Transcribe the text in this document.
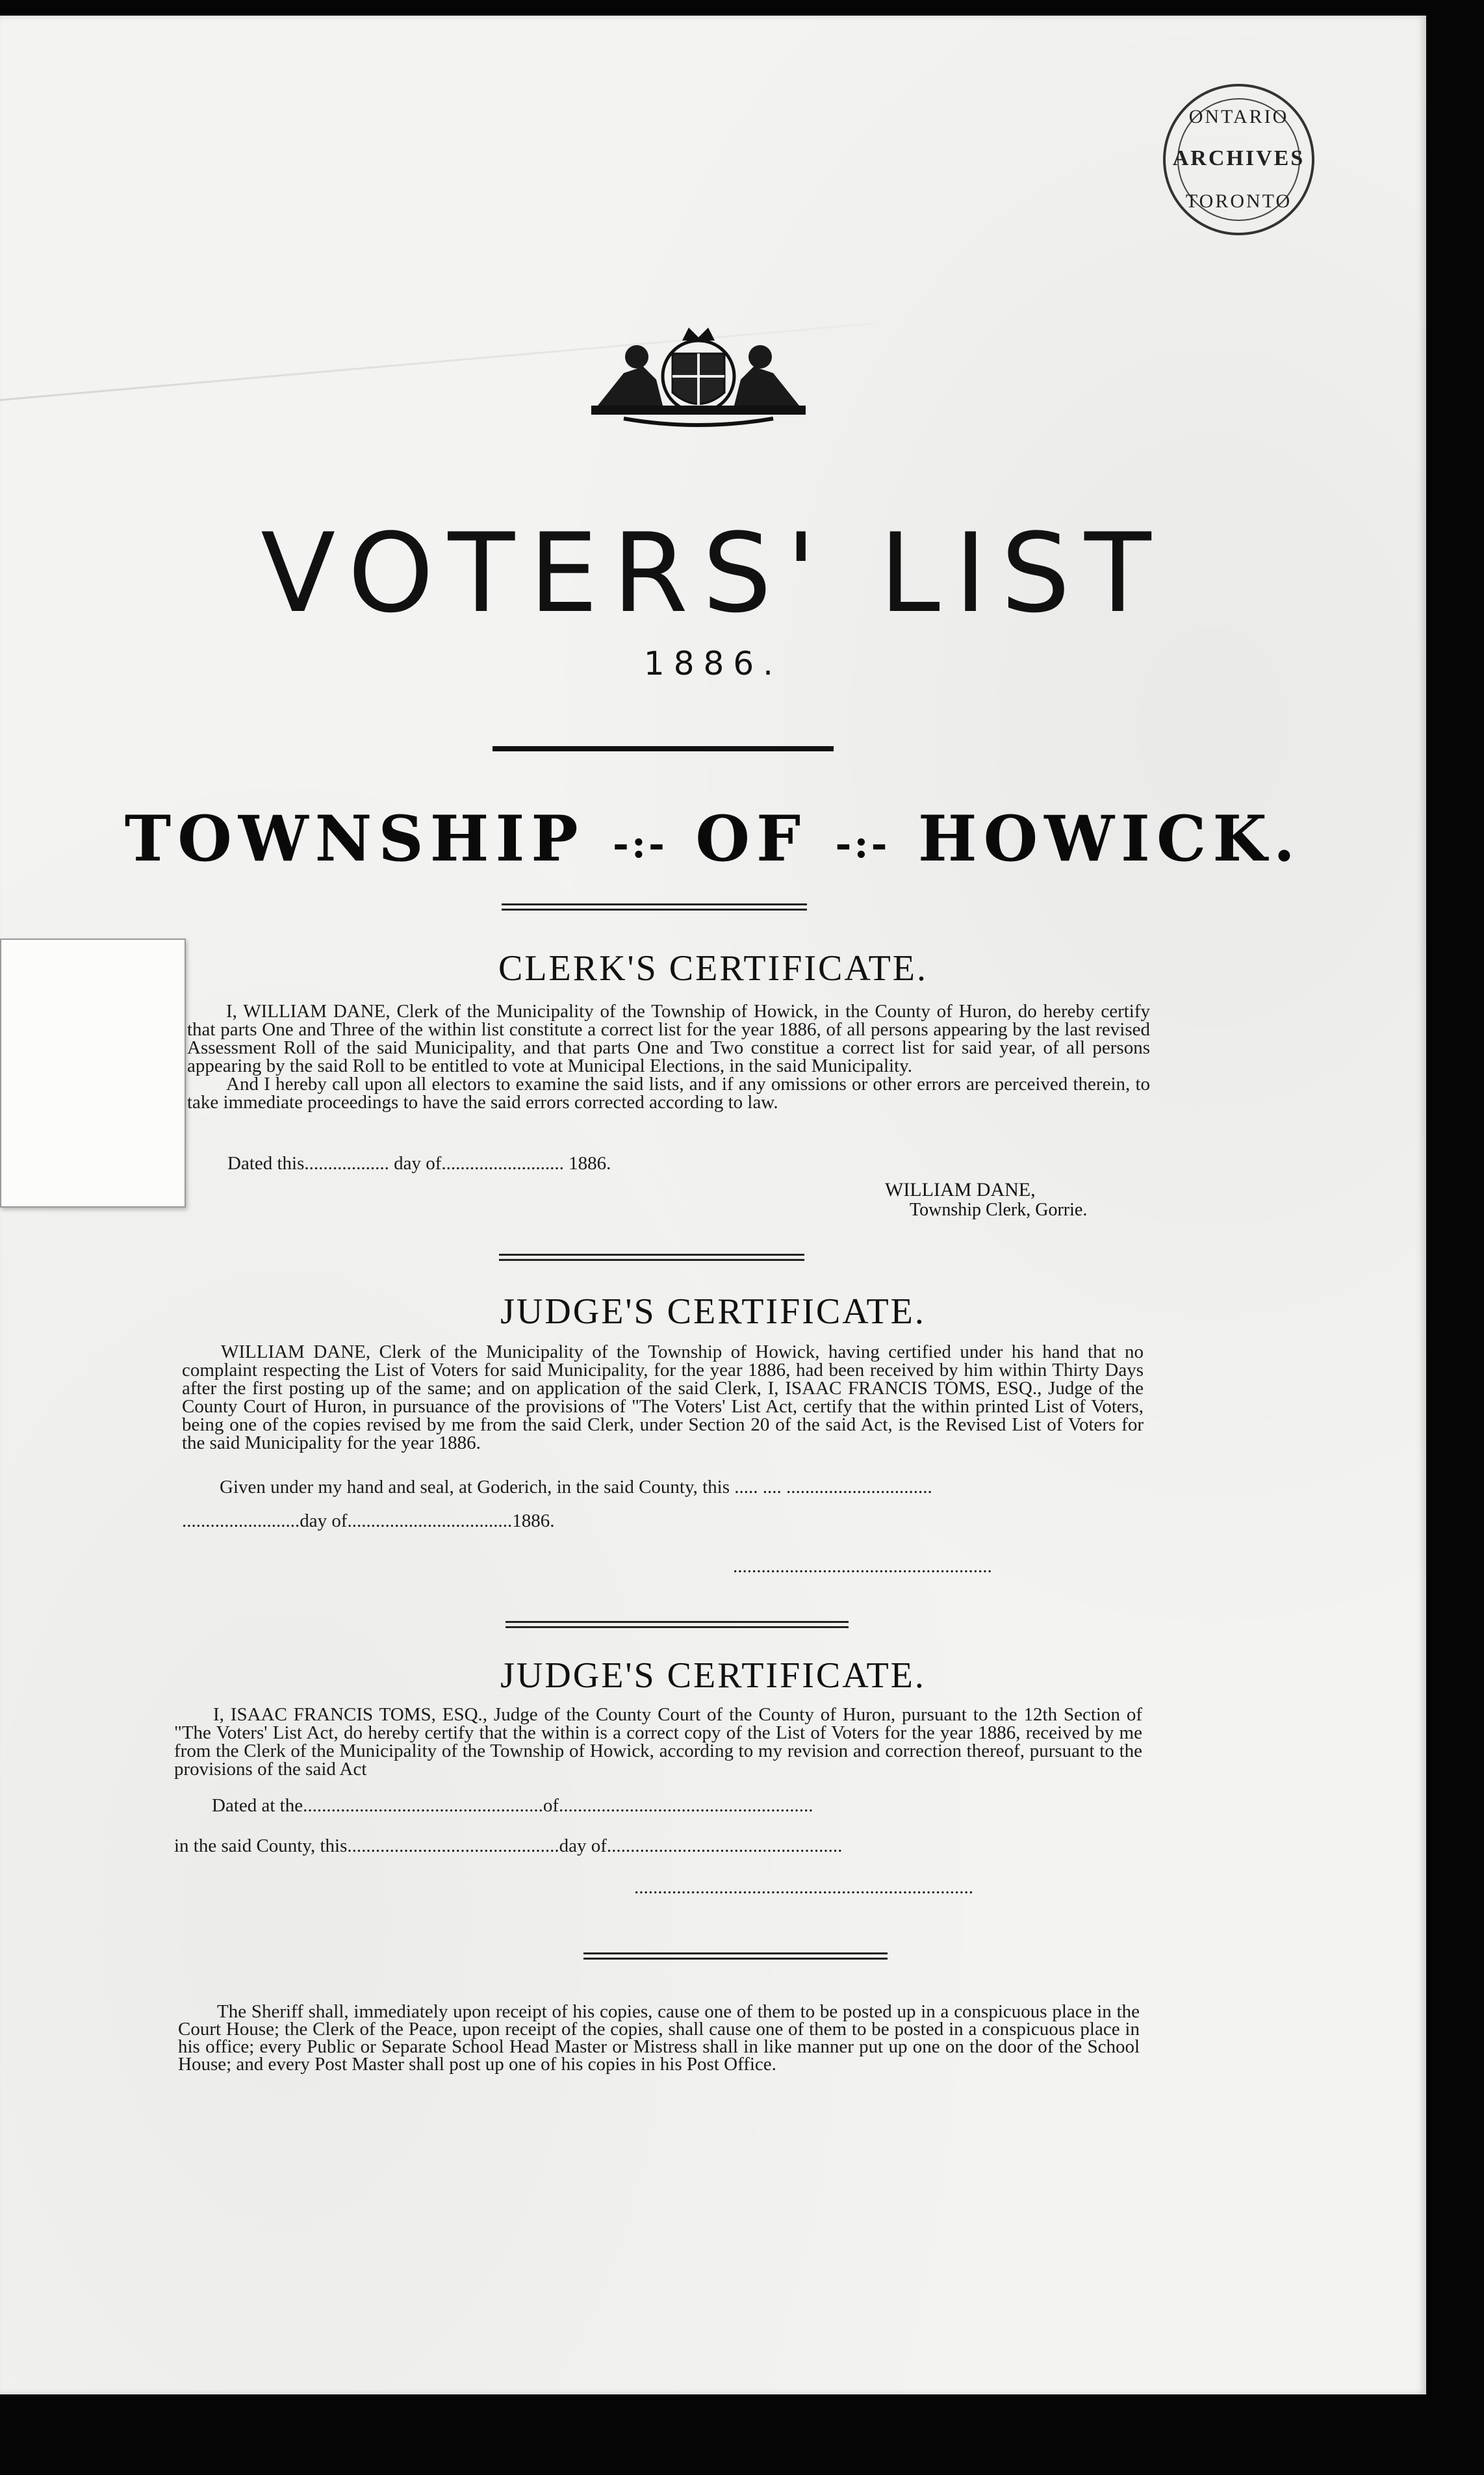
ONTARIO
ARCHIVES
TORONTO
VOTERS' LIST
1886.
TOWNSHIP -:- OF -:- HOWICK.
CLERK'S CERTIFICATE.

I, WILLIAM DANE, Clerk of the Municipality of the Township of Howick, in the County of Huron, do hereby certify that parts One and Three of the within list constitute a correct list for the year 1886, of all persons appearing by the last revised Assessment Roll of the said Municipality, and that parts One and Two constitue a correct list for said year, of all persons appearing by the said Roll to be entitled to vote at Municipal Elections, in the said Municipality.

And I hereby call upon all electors to examine the said lists, and if any omissions or other errors are perceived therein, to take immediate proceedings to have the said errors corrected according to law.

Dated this.................. day of.......................... 1886.
WILLIAM DANE,
Township Clerk, Gorrie.
JUDGE'S CERTIFICATE.

WILLIAM DANE, Clerk of the Municipality of the Township of Howick, having certified under his hand that no complaint respecting the List of Voters for said Municipality, for the year 1886, had been received by him within Thirty Days after the first posting up of the same; and on application of the said Clerk, I, ISAAC FRANCIS TOMS, ESQ., Judge of the County Court of Huron, in pursuance of the provisions of "The Voters' List Act, certify that the within printed List of Voters, being one of the copies revised by me from the said Clerk, under Section 20 of the said Act, is the Revised List of Voters for the said Municipality for the year 1886.

Given under my hand and seal, at Goderich, in the said County, this ..... .... ...............................
.........................day of...................................1886.
.......................................................
JUDGE'S CERTIFICATE.

I, ISAAC FRANCIS TOMS, ESQ., Judge of the County Court of the County of Huron, pursuant to the 12th Section of "The Voters' List Act, do hereby certify that the within is a correct copy of the List of Voters for the year 1886, received by me from the Clerk of the Municipality of the Township of Howick, according to my revision and correction thereof, pursuant to the provisions of the said Act

Dated at the...................................................of......................................................
in the said County, this.............................................day of..................................................
........................................................................

The Sheriff shall, immediately upon receipt of his copies, cause one of them to be posted up in a conspicuous place in the Court House; the Clerk of the Peace, upon receipt of the copies, shall cause one of them to be posted in a conspicuous place in his office; every Public or Separate School Head Master or Mistress shall in like manner put up one on the door of the School House; and every Post Master shall post up one of his copies in his Post Office.
